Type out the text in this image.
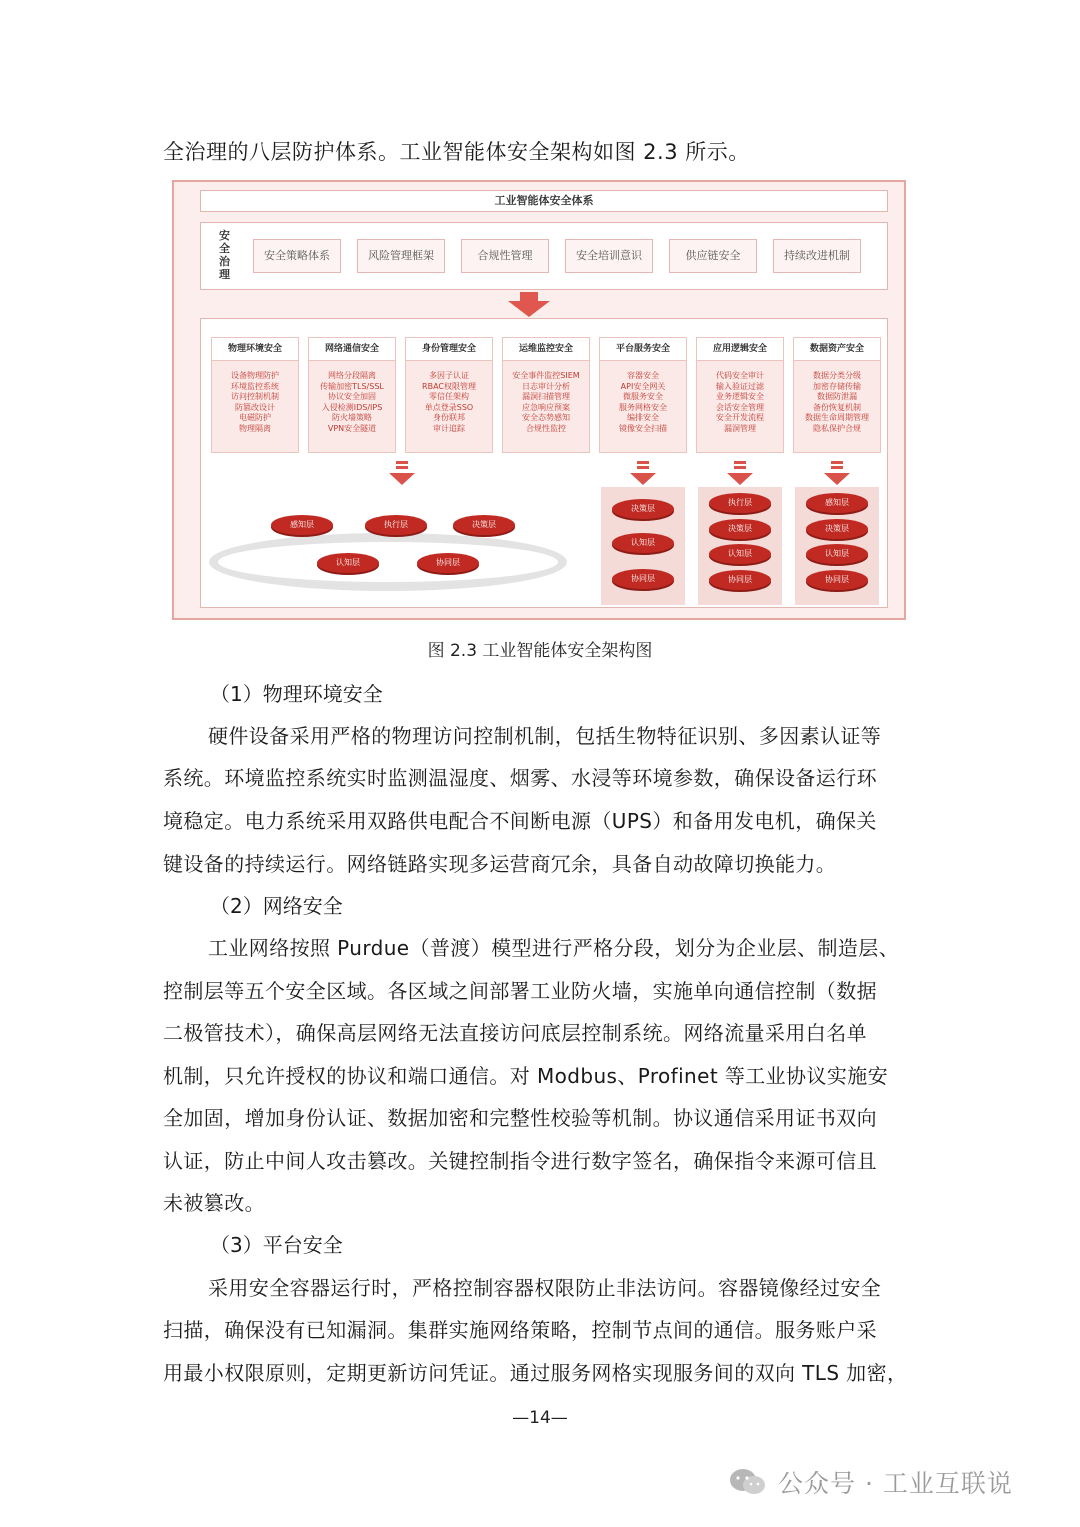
全治理的八层防护体系。工业智能体安全架构如图 2.3 所示。
工业智能体安全体系
安全治理
安全策略体系	风险管理框架	合规性管理	安全培训意识	供应链安全	持续改进机制
物理环境安全
设备物理防护
环境监控系统
访问控制机制
防篡改设计
电磁防护
物理隔离
网络通信安全
网络分段隔离
传输加密TLS/SSL
协议安全加固
入侵检测IDS/IPS
防火墙策略
VPN安全隧道
身份管理安全
多因子认证
RBAC权限管理
零信任架构
单点登录SSO
身份联邦
审计追踪
运维监控安全
安全事件监控SIEM
日志审计分析
漏洞扫描管理
应急响应预案
安全态势感知
合规性监控
平台服务安全
容器安全
API安全网关
微服务安全
服务网格安全
编排安全
镜像安全扫描
应用逻辑安全
代码安全审计
输入验证过滤
业务逻辑安全
会话安全管理
安全开发流程
漏洞管理
数据资产安全
数据分类分级
加密存储传输
数据防泄漏
备份恢复机制
数据生命周期管理
隐私保护合规
感知层	执行层	决策层
认知层	协同层
决策层
认知层
协同层
执行层
决策层
认知层
协同层
感知层
决策层
认知层
协同层
图 2.3 工业智能体安全架构图
（1）物理环境安全
硬件设备采用严格的物理访问控制机制，包括生物特征识别、多因素认证等
系统。环境监控系统实时监测温湿度、烟雾、水浸等环境参数，确保设备运行环
境稳定。电力系统采用双路供电配合不间断电源（UPS）和备用发电机，确保关
键设备的持续运行。网络链路实现多运营商冗余，具备自动故障切换能力。
（2）网络安全
工业网络按照 Purdue（普渡）模型进行严格分段，划分为企业层、制造层、
控制层等五个安全区域。各区域之间部署工业防火墙，实施单向通信控制（数据
二极管技术），确保高层网络无法直接访问底层控制系统。网络流量采用白名单
机制，只允许授权的协议和端口通信。对 Modbus、Profinet 等工业协议实施安
全加固，增加身份认证、数据加密和完整性校验等机制。协议通信采用证书双向
认证，防止中间人攻击篡改。关键控制指令进行数字签名，确保指令来源可信且
未被篡改。
（3）平台安全
采用安全容器运行时，严格控制容器权限防止非法访问。容器镜像经过安全
扫描，确保没有已知漏洞。集群实施网络策略，控制节点间的通信。服务账户采
用最小权限原则，定期更新访问凭证。通过服务网格实现服务间的双向 TLS 加密，
—14—
公众号 · 工业互联说
